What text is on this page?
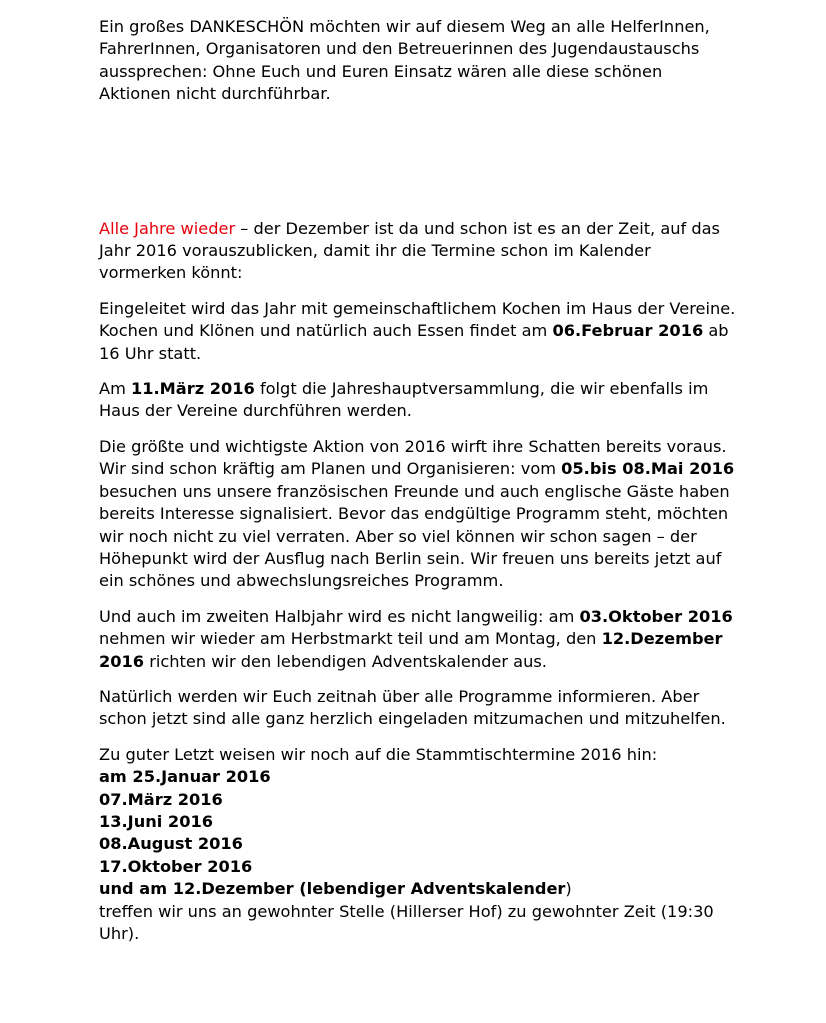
Ein großes DANKESCHÖN möchten wir auf diesem Weg an alle HelferInnen, FahrerInnen, Organisatoren und den Betreuerinnen des Jugendaustauschs aussprechen: Ohne Euch und Euren Einsatz wären alle diese schönen Aktionen nicht durchführbar.

Alle Jahre wieder – der Dezember ist da und schon ist es an der Zeit, auf das Jahr 2016 vorauszublicken, damit ihr die Termine schon im Kalender vormerken könnt:

Eingeleitet wird das Jahr mit gemeinschaftlichem Kochen im Haus der Vereine. Kochen und Klönen und natürlich auch Essen findet am 06.Februar 2016 ab 16 Uhr statt.

Am 11.März 2016 folgt die Jahreshauptversammlung, die wir ebenfalls im Haus der Vereine durchführen werden.

Die größte und wichtigste Aktion von 2016 wirft ihre Schatten bereits voraus. Wir sind schon kräftig am Planen und Organisieren: vom 05.bis 08.Mai 2016 besuchen uns unsere französischen Freunde und auch englische Gäste haben bereits Interesse signalisiert. Bevor das endgültige Programm steht, möchten wir noch nicht zu viel verraten. Aber so viel können wir schon sagen – der Höhepunkt wird der Ausflug nach Berlin sein. Wir freuen uns bereits jetzt auf ein schönes und abwechslungsreiches Programm.

Und auch im zweiten Halbjahr wird es nicht langweilig: am 03.Oktober 2016 nehmen wir wieder am Herbstmarkt teil und am Montag, den 12.Dezember 2016 richten wir den lebendigen Adventskalender aus.

Natürlich werden wir Euch zeitnah über alle Programme informieren. Aber schon jetzt sind alle ganz herzlich eingeladen mitzumachen und mitzuhelfen.

Zu guter Letzt weisen wir noch auf die Stammtischtermine 2016 hin:

am 25.Januar 2016
07.März 2016
13.Juni 2016
08.August 2016
17.Oktober 2016

und am 12.Dezember (lebendiger Adventskalender)

treffen wir uns an gewohnter Stelle (Hillerser Hof) zu gewohnter Zeit (19:30 Uhr).
